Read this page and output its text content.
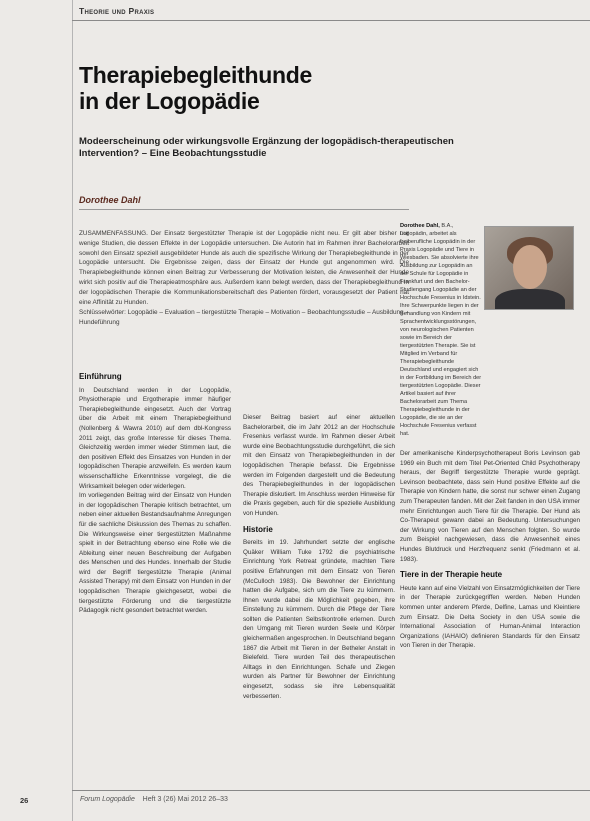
Theorie und Praxis
Therapiebegleithunde
in der Logopädie
Modeerscheinung oder wirkungsvolle Ergänzung der logopädisch-therapeutischen Intervention? – Eine Beobachtungsstudie
Dorothee Dahl
ZUSAMMENFASSUNG. Der Einsatz tiergestützter Therapie ist der Logopädie nicht neu. Er gilt aber bisher nur wenige Studien, die dessen Effekte in der Logopädie untersuchen. Die Autorin hat im Rahmen ihrer Bachelorarbeit sowohl den Einsatz speziell ausgebildeter Hunde als auch die spezifische Wirkung der Therapiebegleithunde in der Logopädie untersucht. Die Ergebnisse zeigen, dass der Einsatz der Hunde gut angenommen wird. Die Therapiebegleithunde können einen Beitrag zur Verbesserung der Motivation leisten, die Anwesenheit der Hunde wirkt sich positiv auf die Therapieatmosphäre aus. Außerdem kann belegt werden, dass der Therapiebegleithund in der logopädischen Therapie die Kommunikationsbereitschaft des Patienten fördert, vorausgesetzt der Patient hat eine Affinität zu Hunden.
Schlüsselwörter: Logopädie – Evaluation – tiergestützte Therapie – Motivation – Beobachtungsstudie – Ausbildung – Hundeführung
Dorothee Dahl, B.A., Logopädin, arbeitet als freiberufliche Logopädin in der Praxis Logopädie und Tiere in Wiesbaden. Sie absolvierte ihre Ausbildung zur Logopädin an der Schule für Logopädie in Frankfurt und den Bachelor-Studiengang Logopädie an der Hochschule Fresenius in Idstein. Ihre Schwerpunkte liegen in der Behandlung von Kindern mit Sprachentwicklungsstörungen, von neurologischen Patienten sowie im Bereich der tiergestützten Therapie. Sie ist Mitglied im Verband für Therapiebegleithunde Deutschland und engagiert sich in der Fortbildung im Bereich der tiergestützten Logopädie. Dieser Artikel basiert auf ihrer Bachelorarbeit zum Thema Therapiebegleithunde in der Logopädie, die sie an der Hochschule Fresenius verfasst hat.
Einführung

In Deutschland werden in der Logopädie, Physiotherapie und Ergotherapie immer häufiger Therapiebegleithunde eingesetzt. Auch der Vortrag über die Arbeit mit einem Therapiebegleithund (Nollenberg & Wawra 2010) auf dem dbl-Kongress 2011 zeigt, das große Interesse für dieses Thema. Gleichzeitig werden immer wieder Stimmen laut, die den positiven Effekt des Einsatzes von Hunden in der logopädischen Therapie anzweifeln. Es werden kaum wissenschaftliche Erkenntnisse vorgelegt, die die Wirksamkeit belegen oder widerlegen.

Im vorliegenden Beitrag wird der Einsatz von Hunden in der logopädischen Therapie kritisch betrachtet, um neben einer aktuellen Bestandsaufnahme Anregungen für die sachliche Diskussion des Themas zu schaffen. Die Wirkungsweise einer tiergestützten Maßnahme spielt in der Betrachtung ebenso eine Rolle wie die Ableitung einer neuen Beschreibung der Aufgaben des Menschen und des Hundes. Innerhalb der Studie wird der Begriff tiergestützte Therapie (Animal Assisted Therapy) mit dem Einsatz von Hunden in der logopädischen Therapie gleichgesetzt, wobei die tiergestützte Förderung und die tiergestützte Pädagogik nicht gesondert betrachtet werden.

Dieser Beitrag basiert auf einer aktuellen Bachelorarbeit, die im Jahr 2012 an der Hochschule Fresenius verfasst wurde. Im Rahmen dieser Arbeit wurde eine Beobachtungsstudie durchgeführt, die sich mit den Einsatz von Therapiebegleithunden in der logopädischen Therapie befasst. Die Ergebnisse werden im Folgenden dargestellt und die Bedeutung des Therapiebegleithundes in der logopädischen Therapie diskutiert. Im Anschluss werden Hinweise für die Praxis gegeben, auch für die spezielle Ausbildung von Hunden.

Historie

Bereits im 19. Jahrhundert setzte der englische Quäker William Tuke 1792 die psychiatrische Einrichtung York Retreat gründete, machten Tiere positive Erfahrungen mit dem Einsatz von Tieren (McCulloch 1983). Die Bewohner der Einrichtung hatten die Aufgabe, sich um die Tiere zu kümmern. Ihnen wurde dabei die Möglichkeit gegeben, ihre Einstellung zu kümmern. Durch die Pflege der Tiere sollten die Patienten Selbstkontrolle erlernen. Durch den Umgang mit Tieren wurden Seele und Körper gleichermaßen angesprochen. In Deutschland begann 1867 die Arbeit mit Tieren in der Betheler Anstalt in Bielefeld. Tiere wurden Teil des therapeutischen Alltags in den Einrichtungen. Schafe und Ziegen wurden als Partner für Bewohner der Einrichtung eingesetzt, sodass sie ihre Lebensqualität verbesserten.

Der amerikanische Kinderpsychotherapeut Boris Levinson gab 1969 ein Buch mit dem Titel Pet-Oriented Child Psychotherapy heraus, der Begriff tiergestützte Therapie wurde geprägt. Levinson beobachtete, dass sein Hund positive Effekte auf die Therapie von Kindern hatte, die sonst nur schwer einen Zugang zum Therapeuten fanden. Mit der Zeit fanden in den USA immer mehr Einrichtungen auch Tiere für die Therapie. Der Hund als Co-Therapeut gewann dabei an Bedeutung. Untersuchungen der Wirkung von Tieren auf den Menschen folgten. So wurde zum Beispiel nachgewiesen, dass die Anwesenheit eines Hundes Blutdruck und Herzfrequenz senkt (Friedmann et al. 1983).

Tiere in der Therapie heute

Heute kann auf eine Vielzahl von Einsatzmöglichkeiten der Tiere in der Therapie zurückgegriffen werden. Neben Hunden kommen unter anderem Pferde, Delfine, Lamas und Kleintiere zum Einsatz. Die Delta Society in den USA sowie die International Association of Human-Animal Interaction Organizations (IAHAIO) definieren Standards für den Einsatz von Tieren in der Therapie.

26	Forum Logopädie Heft 3 (26) Mai 2012 26–33
